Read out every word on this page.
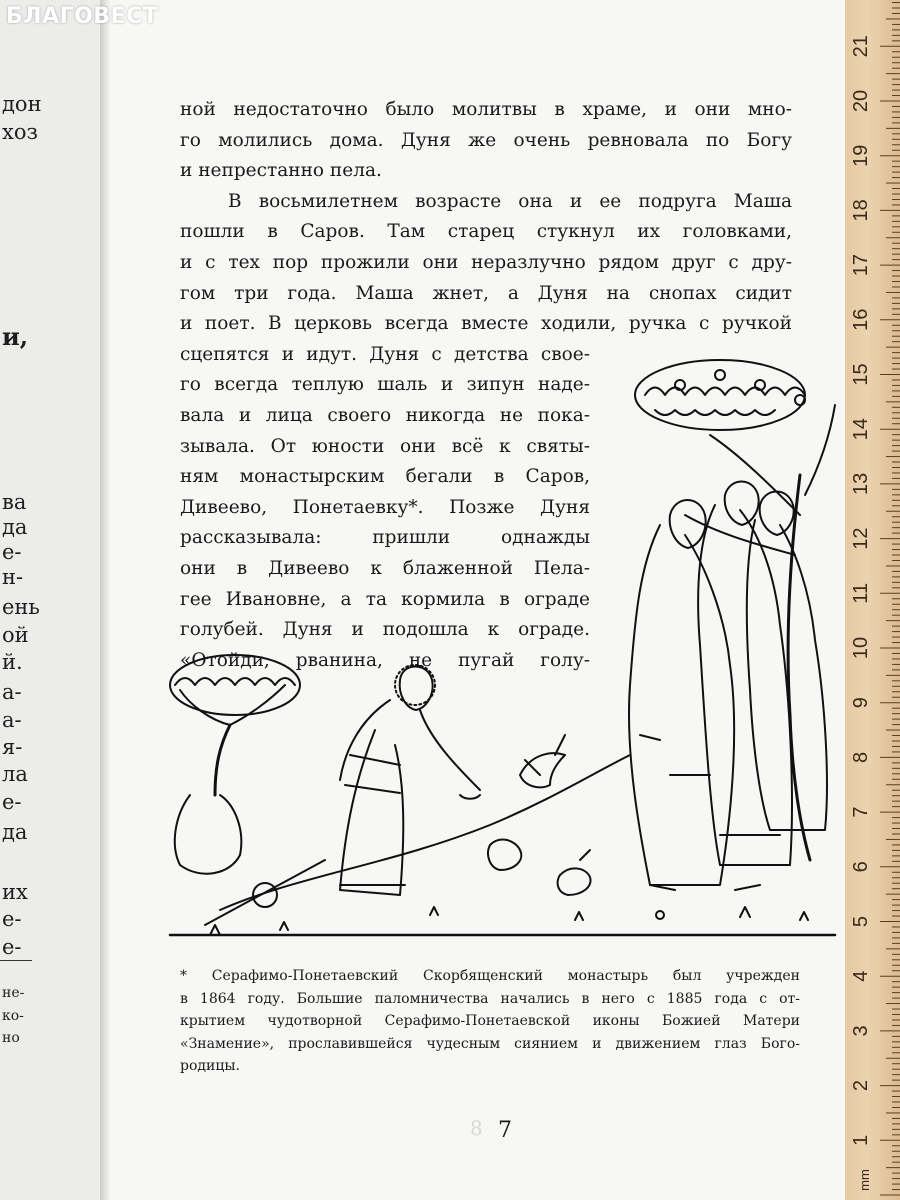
дон
хоз
и,
ва
да
е-
н-
ень
ой
й.
а-
а-
я-
ла
е-
да
их
е-
е-
не-
ко-
но
ной недостаточно было молитвы в храме, и они мно-
го молились дома. Дуня же очень ревновала по Богу
и непрестанно пела.
В восьмилетнем возрасте она и ее подруга Маша
пошли в Саров. Там старец стукнул их головками,
и с тех пор прожили они неразлучно рядом друг с дру-
гом три года. Маша жнет, а Дуня на снопах сидит
и поет. В церковь всегда вместе ходили, ручка с ручкой
сцепятся и идут. Дуня с детства свое-
го всегда теплую шаль и зипун наде-
вала и лица своего никогда не пока-
зывала. От юности они всё к святы-
ням монастырским бегали в Саров,
Дивеево, Понетаевку*. Позже Дуня
рассказывала: пришли однажды
они в Дивеево к блаженной Пела-
гее Ивановне, а та кормила в ограде
голубей. Дуня и подошла к ограде.
«Отойди, рванина, не пугай голу-
* Серафимо-Понетаевский Скорбященский монастырь был учрежден
в 1864 году. Большие паломничества начались в него с 1885 года с от-
крытием чудотворной Серафимо-Понетаевской иконы Божией Матери
«Знамение», прославившейся чудесным сиянием и движением глаз Бого-
родицы.
8 7
БЛАГОВЕСТ
1
2
3
4
5
6
7
8
9
10
11
12
13
14
15
16
17
18
19
20
21
mm
